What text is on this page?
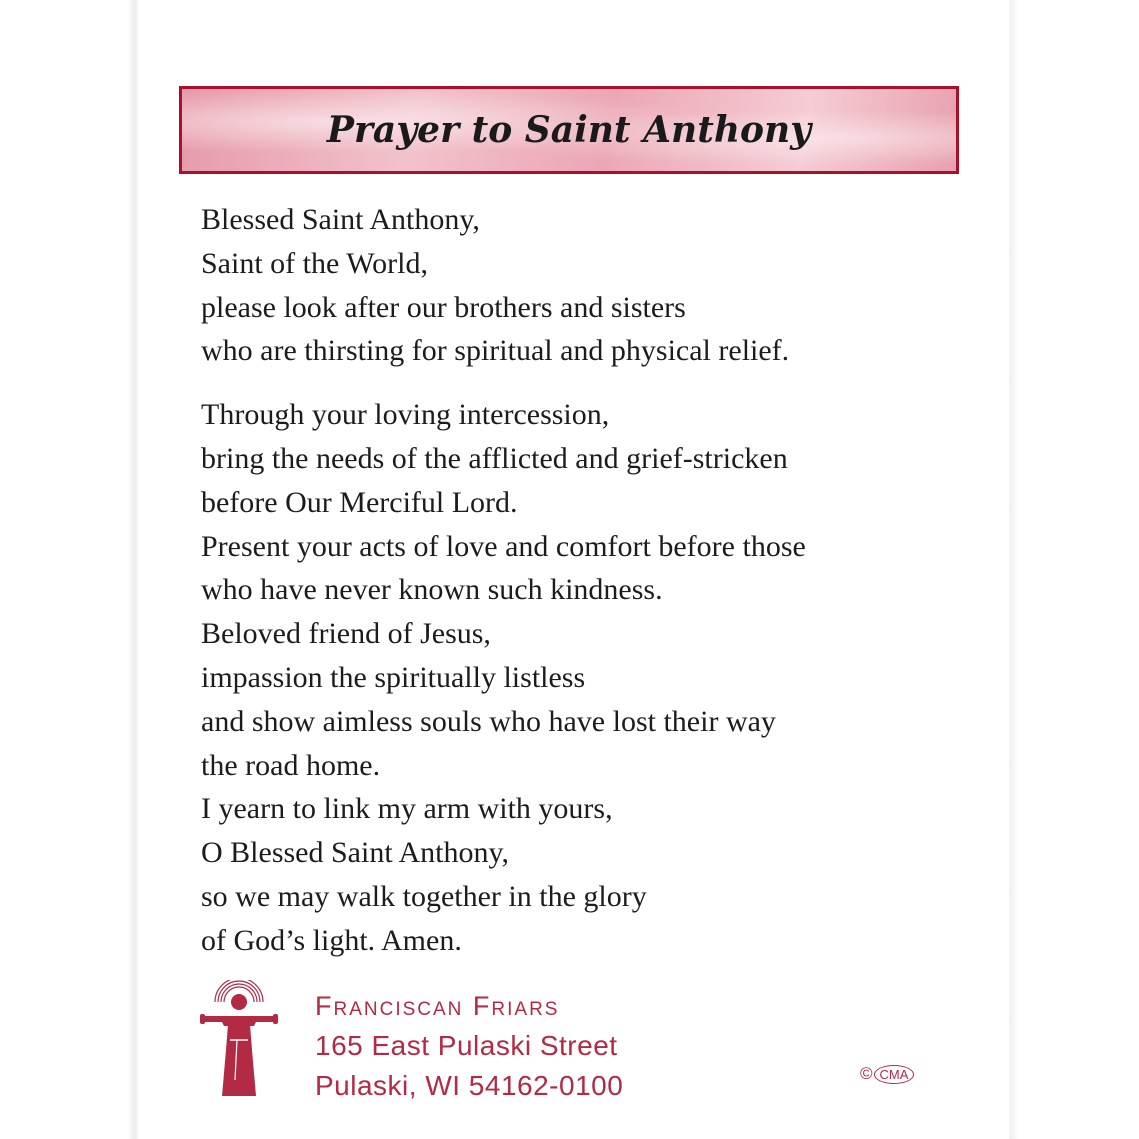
Prayer to Saint Anthony

Blessed Saint Anthony,
Saint of the World,
please look after our brothers and sisters
who are thirsting for spiritual and physical relief.

Through your loving intercession,
bring the needs of the afflicted and grief-stricken
before Our Merciful Lord.
Present your acts of love and comfort before those
who have never known such kindness.
Beloved friend of Jesus,
impassion the spiritually listless
and show aimless souls who have lost their way
the road home.
I yearn to link my arm with yours,
O Blessed Saint Anthony,
so we may walk together in the glory
of God’s light. Amen.

Franciscan Friars
165 East Pulaski Street
Pulaski, WI 54162-0100	© CMA
